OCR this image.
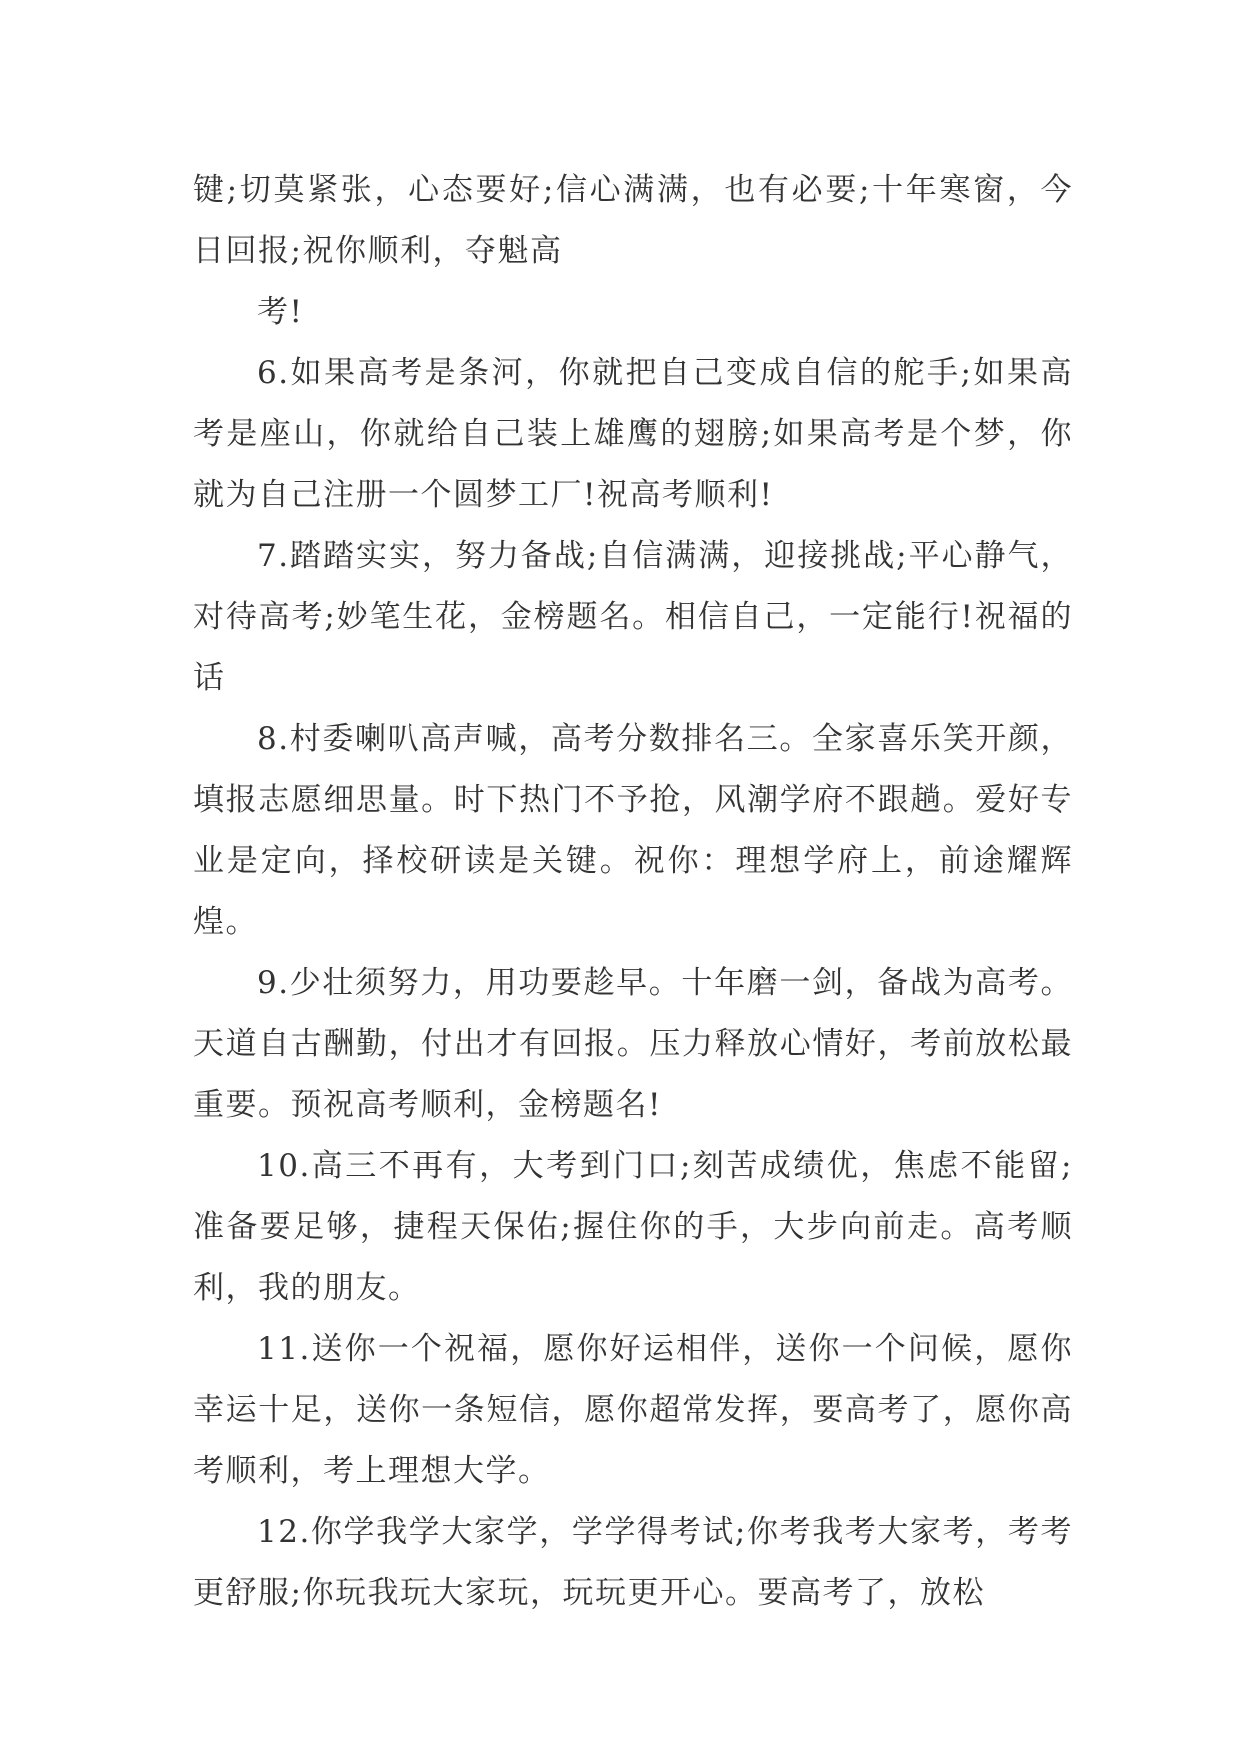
键;切莫紧张，心态要好;信心满满，也有必要;十年寒窗，今日回报;祝你顺利，夺魁高

考!

6.如果高考是条河，你就把自己变成自信的舵手;如果高考是座山，你就给自己装上雄鹰的翅膀;如果高考是个梦，你就为自己注册一个圆梦工厂!祝高考顺利!

7.踏踏实实，努力备战;自信满满，迎接挑战;平心静气，对待高考;妙笔生花，金榜题名。相信自己，一定能行!祝福的话

8.村委喇叭高声喊，高考分数排名三。全家喜乐笑开颜，填报志愿细思量。时下热门不予抢，风潮学府不跟趟。爱好专业是定向，择校研读是关键。祝你：理想学府上，前途耀辉煌。

9.少壮须努力，用功要趁早。十年磨一剑，备战为高考。天道自古酬勤，付出才有回报。压力释放心情好，考前放松最重要。预祝高考顺利，金榜题名!

10.高三不再有，大考到门口;刻苦成绩优，焦虑不能留;准备要足够，捷程天保佑;握住你的手，大步向前走。高考顺利，我的朋友。

11.送你一个祝福，愿你好运相伴，送你一个问候，愿你幸运十足，送你一条短信，愿你超常发挥，要高考了，愿你高考顺利，考上理想大学。

12.你学我学大家学，学学得考试;你考我考大家考，考考更舒服;你玩我玩大家玩，玩玩更开心。要高考了，放松
